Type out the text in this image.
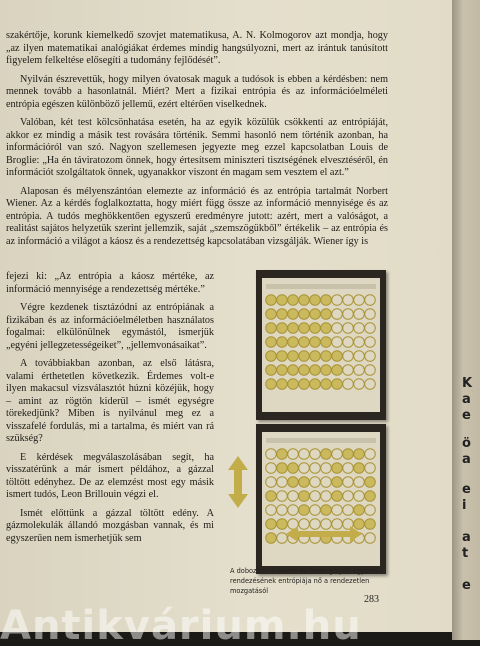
szakértője, korunk kiemelkedő szovjet matematikusa, A. N. Kolmogorov azt mondja, hogy „az ilyen matematikai analógiákat érdemes mindig hangsúlyozni, mert az irántuk tanúsított figyelem felkeltése elősegíti a tudomány fejlődését”.

Nyilván észrevettük, hogy milyen óvatosak maguk a tudósok is ebben a kérdésben: nem mennek tovább a hasonlatnál. Miért? Mert a fizikai entrópia és az információelméleti entrópia egészen különböző jellemű, ezért eltérően viselkednek.

Valóban, két test kölcsönhatása esetén, ha az egyik közülük csökkenti az entrópiáját, akkor ez mindig a másik test rovására történik. Semmi hasonló nem történik azonban, ha információról van szó. Nagyon szellemesen jegyezte meg ezzel kapcsolatban Louis de Broglie: „Ha én táviratozom önnek, hogy értesítsem miniszteri tisztségének elvesztéséről, én információt szolgáltatok önnek, ugyanakkor viszont én magam sem vesztem el azt.”

Alaposan és mélyenszántóan elemezte az információ és az entrópia tartalmát Norbert Wiener. Az a kérdés foglalkoztatta, hogy miért függ össze az információ mennyisége és az entrópia. A tudós meghökkentően egyszerű eredményre jutott: azért, mert a valóságot, a realitást sajátos helyzetük szerint jellemzik, saját „szemszögükből” értékelik – az entrópia és az információ a világot a káosz és a rendezettség kapcsolatában vizsgálják. Wiener így is

fejezi ki: „Az entrópia a káosz mértéke, az információ mennyisége a rendezettség mértéke.”

Végre kezdenek tisztázódni az entrópiának a fizikában és az információelméletben használatos fogalmai: elkülönülnek egymástól, ismerjük „egyéni jellegzetességeiket”, „jellemvonásaikat”.

A továbbiakban azonban, az első látásra, valami érthetetlen következik. Érdemes volt-e ilyen makacsul vizsválasztót húzni közéjük, hogy – amint az rögtön kiderül – ismét egységre törekedjünk? Miben is nyilvánul meg ez a visszafelé fordulás, mi a tartalma, és miért van rá szükség?

E kérdések megválaszolásában segít, ha visszatérünk a már ismert példához, a gázzal töltött edényhez. De az elemzést most egy másik ismert tudós, Leon Brillouin végzi el.

Ismét előttünk a gázzal töltött edény. A gázmolekulák állandó mozgásban vannak, és mi egyszerűen nem ismerhetjük sem

A dobozban a fekete és fehér golyók egyszerű rendezésének entrópiája nő a rendezetlen mozgatásól
283
K
a
e
ö
a
e
i
a
t
e
Antikvárium.hu
